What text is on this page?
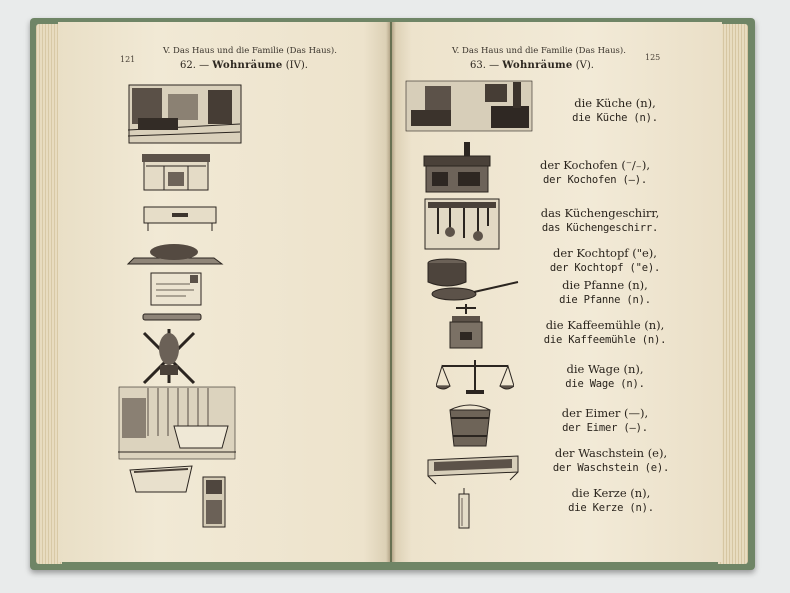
121
V. Das Haus und die Familie (Das Haus).
62. — Wohnräume (IV).
V. Das Haus und die Familie (Das Haus).
125
63. — Wohnräume (V).
die Küche (n),
die Küche (n).
der Kochofen (⁻/₋),
der Kochofen (—).
das Küchengeschirr,
das Küchengeschirr.
der Kochtopf ("e),
der Kochtopf ("e).
die Pfanne (n),
die Pfanne (n).
die Kaffeemühle (n),
die Kaffeemühle (n).
die Wage (n),
die Wage (n).
der Eimer (—),
der Eimer (—).
der Waschstein (e),
der Waschstein (e).
die Kerze (n),
die Kerze (n).
